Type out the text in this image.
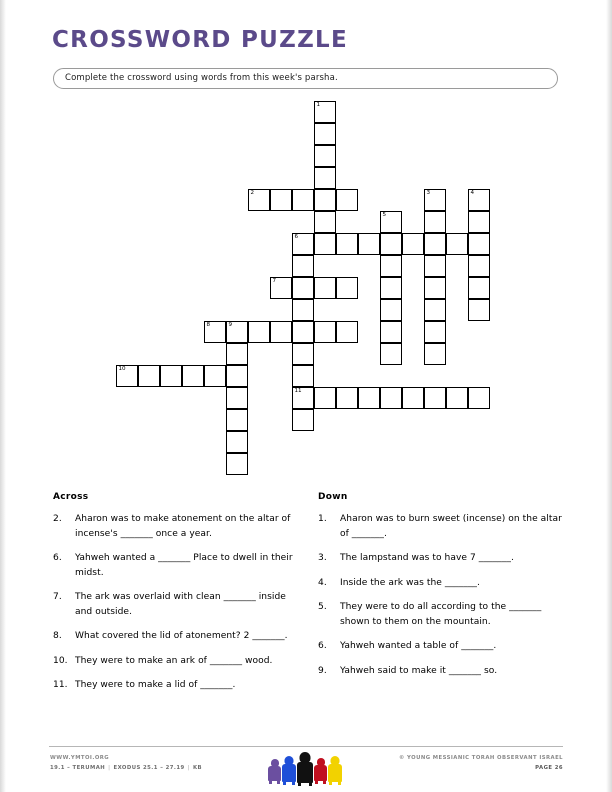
CROSSWORD PUZZLE
Complete the crossword using words from this week's parsha.
1
2	3	4
5
6
7
8	9
10
11
Across
2.	Aharon was to make atonement on the altar of incense's _______ once a year.
6.	Yahweh wanted a _______ Place to dwell in their midst.
7.	The ark was overlaid with clean _______ inside and outside.
8.	What covered the lid of atonement? 2 _______.
10. They were to make an ark of _______ wood.
11. They were to make a lid of _______.
Down
1.	Aharon was to burn sweet (incense) on the altar of _______.
3.	The lampstand was to have 7 _______.
4.	Inside the ark was the _______.
5.	They were to do all according to the _______ shown to them on the mountain.
6.	Yahweh wanted a table of _______.
9.	Yahweh said to make it _______ so.
WWW.YMTOI.ORG
19.1 – TERUMAH | EXODUS 25.1 – 27.19 | KB
© YOUNG MESSIANIC TORAH OBSERVANT ISRAEL
PAGE 26
